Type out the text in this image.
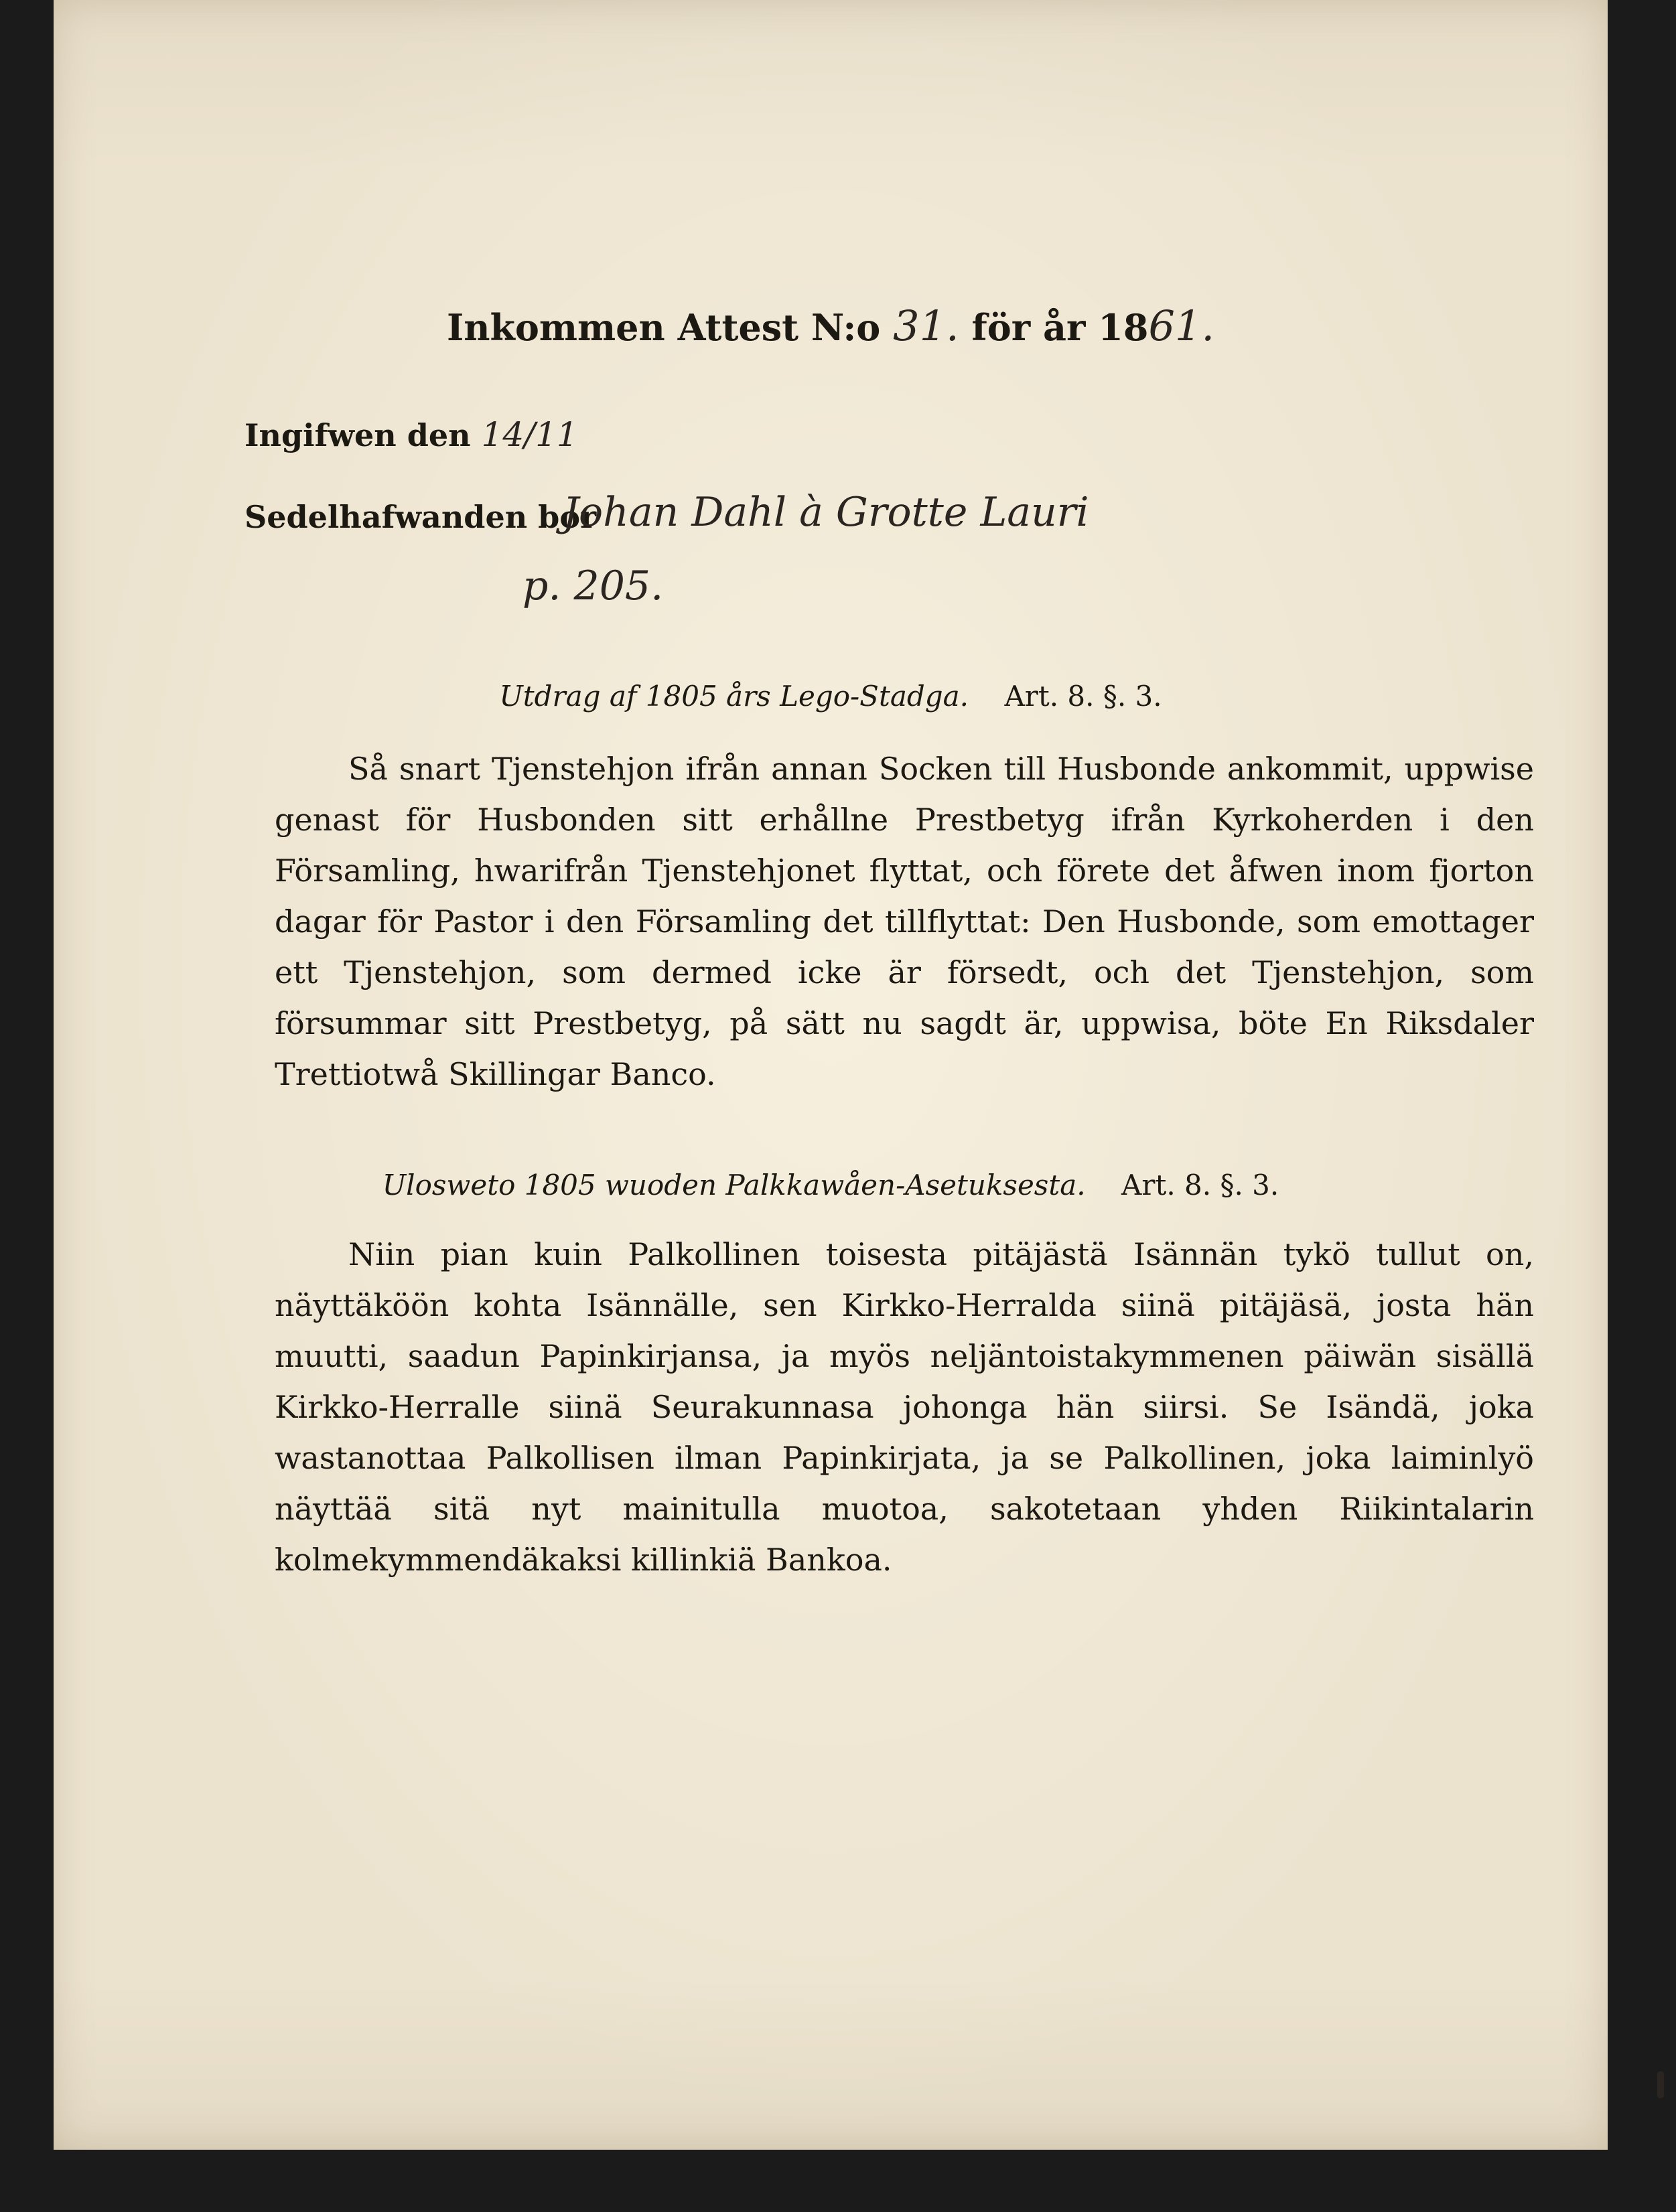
Inkommen Attest N:o 31. för år 1861.
Ingifwen den 14/11
Sedelhafwanden bor
Johan Dahl à Grotte Lauri
p. 205.
Utdrag af 1805 års Lego-Stadga. Art. 8. §. 3.
Så snart Tjenstehjon ifrån annan Socken till Husbonde ankommit, uppwise genast för Husbonden sitt erhållne Prestbetyg ifrån Kyrkoherden i den Församling, hwarifrån Tjenstehjonet flyttat, och förete det åfwen inom fjorton dagar för Pastor i den Församling det tillflyttat: Den Husbonde, som emottager ett Tjenstehjon, som dermed icke är försedt, och det Tjenstehjon, som försummar sitt Prestbetyg, på sätt nu sagdt är, uppwisa, böte En Riksdaler Trettiotwå Skillingar Banco.
Ulosweto 1805 wuoden Palkkawåen-Asetuksesta. Art. 8. §. 3.
Niin pian kuin Palkollinen toisesta pitäjästä Isännän tykö tullut on, näyttäköön kohta Isännälle, sen Kirkko-Herralda siinä pitäjäsä, josta hän muutti, saadun Papinkirjansa, ja myös neljäntoistakymmenen päiwän sisällä Kirkko-Herralle siinä Seurakunnasa johonga hän siirsi. Se Isändä, joka wastanottaa Palkollisen ilman Papinkirjata, ja se Palkollinen, joka laiminlyö näyttää sitä nyt mainitulla muotoa, sakotetaan yhden Riikintalarin kolmekymmendäkaksi killinkiä Bankoa.
